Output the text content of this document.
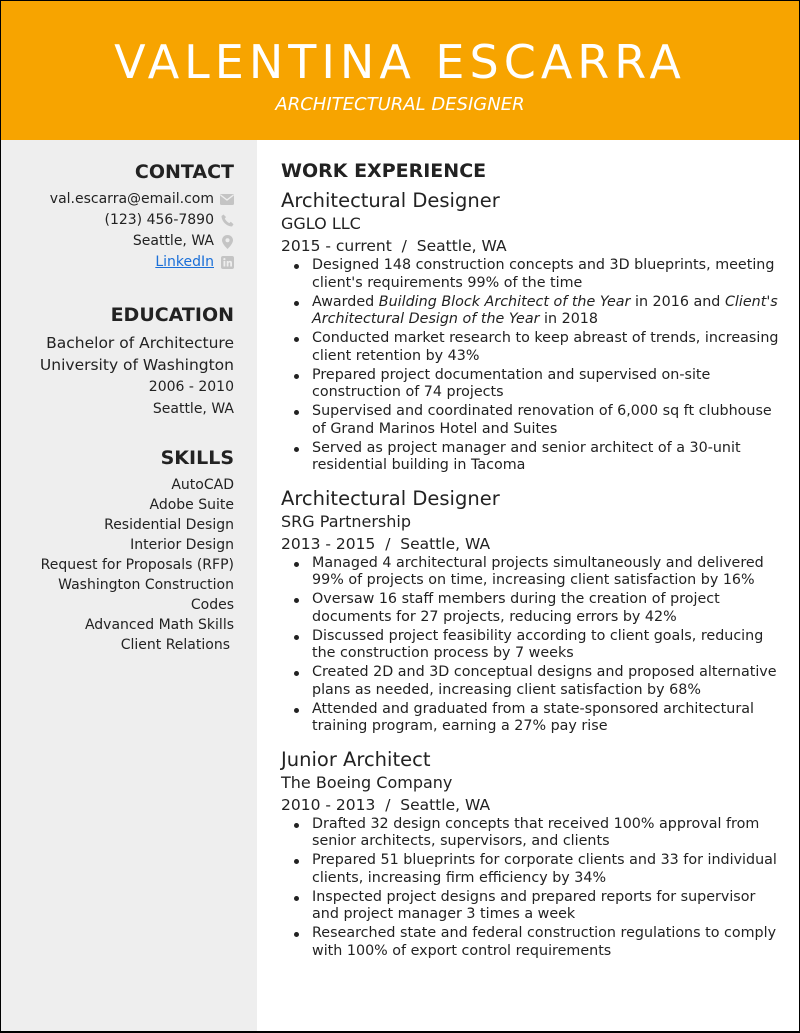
VALENTINA ESCARRA
ARCHITECTURAL DESIGNER
CONTACT
val.escarra@email.com
(123) 456-7890
Seattle, WA
LinkedIn
EDUCATION
Bachelor of Architecture
University of Washington
2006 - 2010
Seattle, WA
SKILLS
AutoCAD
Adobe Suite
Residential Design
Interior Design
Request for Proposals (RFP)
Washington Construction Codes
Advanced Math Skills
Client Relations
WORK EXPERIENCE
Architectural Designer
GGLO LLC
2015 - current  /  Seattle, WA
Designed 148 construction concepts and 3D blueprints, meeting client's requirements 99% of the time
Awarded Building Block Architect of the Year in 2016 and Client's Architectural Design of the Year in 2018
Conducted market research to keep abreast of trends, increasing client retention by 43%
Prepared project documentation and supervised on-site construction of 74 projects
Supervised and coordinated renovation of 6,000 sq ft clubhouse of Grand Marinos Hotel and Suites
Served as project manager and senior architect of a 30-unit residential building in Tacoma
Architectural Designer
SRG Partnership
2013 - 2015  /  Seattle, WA
Managed 4 architectural projects simultaneously and delivered 99% of projects on time, increasing client satisfaction by 16%
Oversaw 16 staff members during the creation of project documents for 27 projects, reducing errors by 42%
Discussed project feasibility according to client goals, reducing the construction process by 7 weeks
Created 2D and 3D conceptual designs and proposed alternative plans as needed, increasing client satisfaction by 68%
Attended and graduated from a state-sponsored architectural training program, earning a 27% pay rise
Junior Architect
The Boeing Company
2010 - 2013  /  Seattle, WA
Drafted 32 design concepts that received 100% approval from senior architects, supervisors, and clients
Prepared 51 blueprints for corporate clients and 33 for individual clients, increasing firm efficiency by 34%
Inspected project designs and prepared reports for supervisor and project manager 3 times a week
Researched state and federal construction regulations to comply with 100% of export control requirements
